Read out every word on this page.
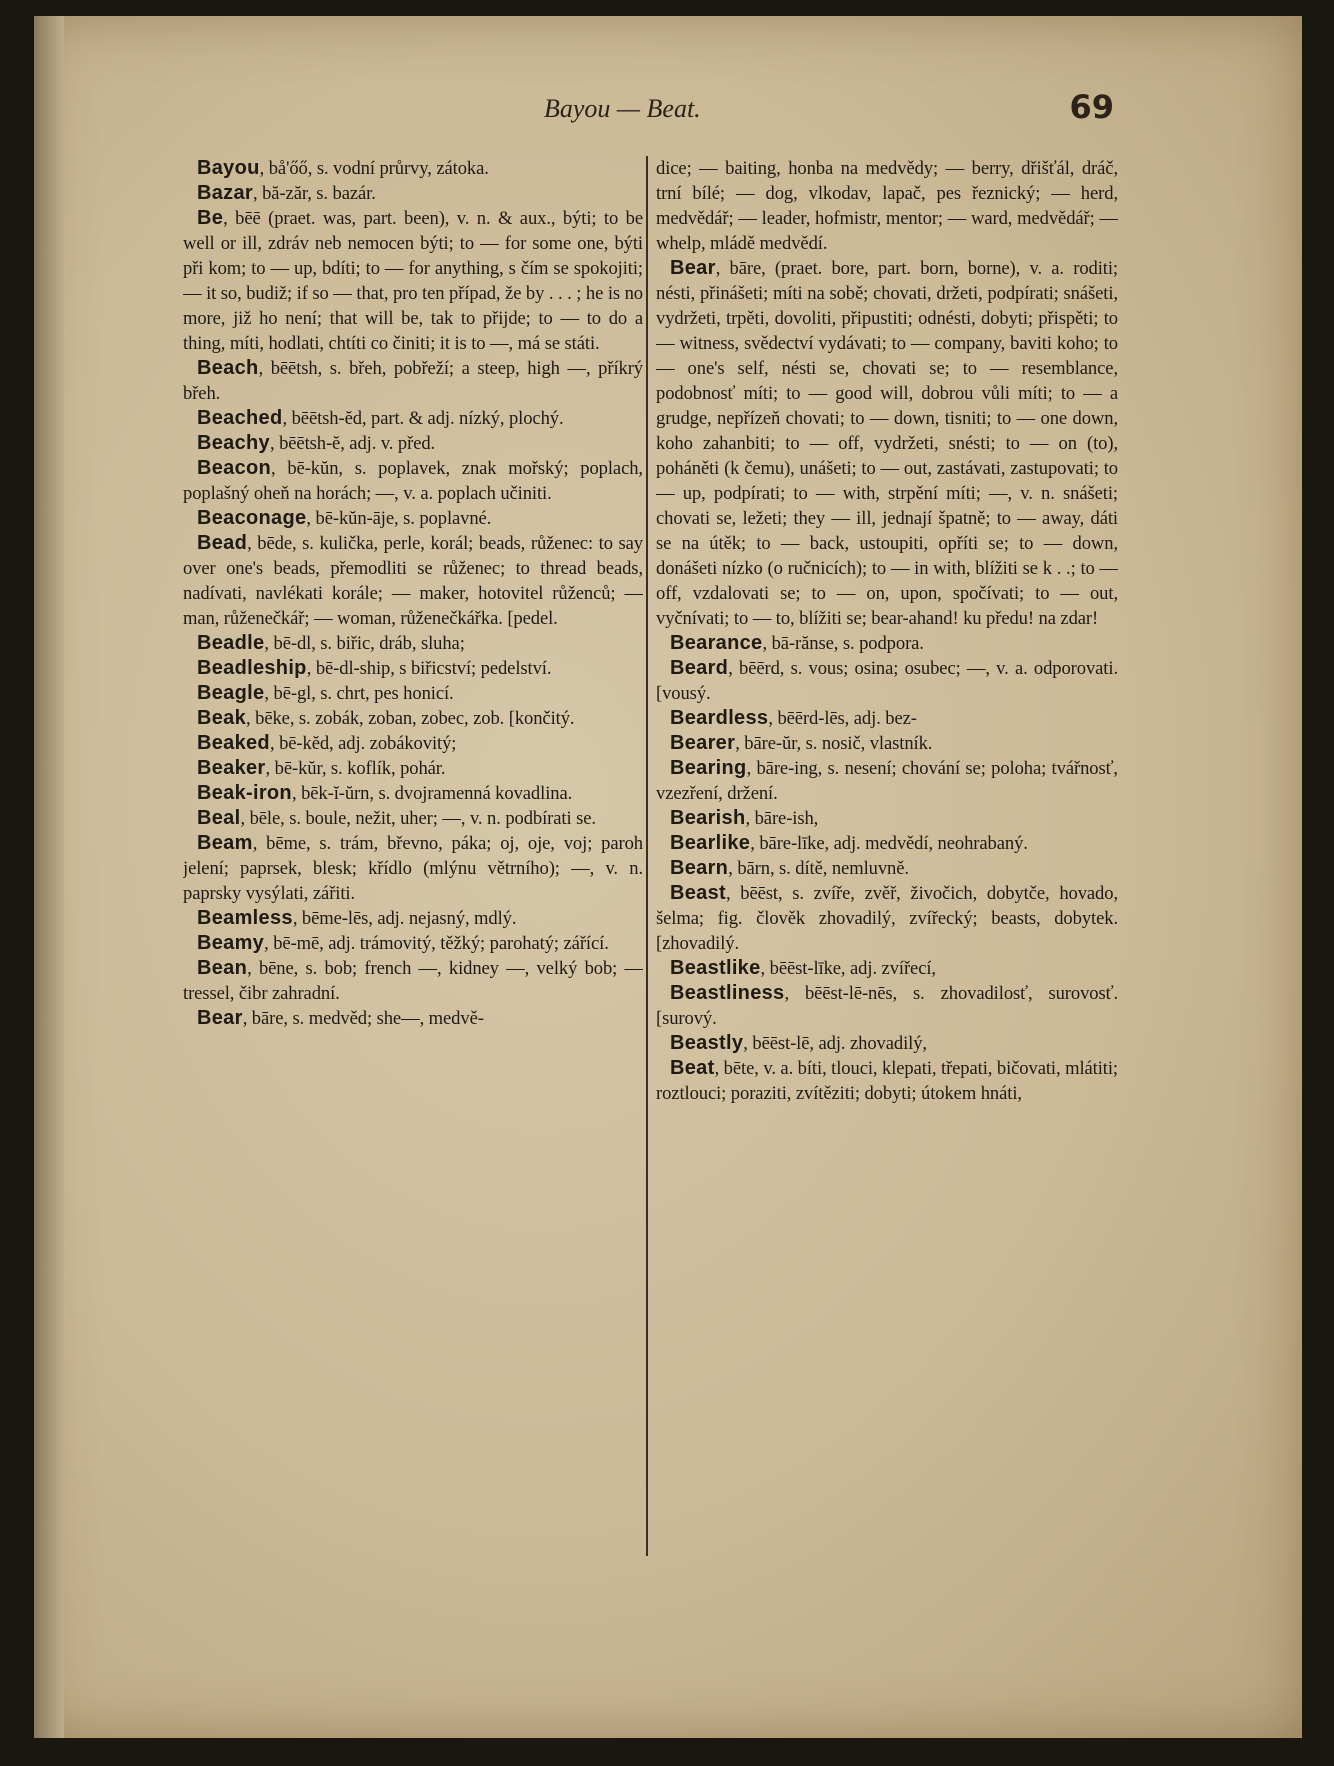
Bayou — Beat.	69

Bayou, bå'őő, s. vodní průrvy, zátoka.

Bazar, bă-zăr, s. bazár.

Be, bēē (praet. was, part. been), v. n. & aux., býti; to be well or ill, zdráv neb nemocen býti; to — for some one, býti při kom; to — up, bdíti; to — for anything, s čím se spokojiti; — it so, budiž; if so — that, pro ten případ, že by . . . ; he is no more, již ho není; that will be, tak to přijde; to — to do a thing, míti, hodlati, chtíti co činiti; it is to —, má se státi.

Beach, bēētsh, s. břeh, pobřeží; a steep, high —, příkrý břeh.

Beached, bēētsh-ĕd, part. & adj. nízký, plochý.

Beachy, bēētsh-ĕ, adj. v. před.

Beacon, bē-kŭn, s. poplavek, znak mořský; poplach, poplašný oheň na horách; —, v. a. poplach učiniti.

Beaconage, bē-kŭn-āje, s. poplavné.

Bead, bēde, s. kulička, perle, korál; beads, růženec: to say over one's beads, přemodliti se růženec; to thread beads, nadívati, navlékati korále; — maker, hotovitel růženců; — man, růženečkář; — woman, růženečkářka. [pedel.

Beadle, bē-dl, s. biřic, dráb, sluha;

Beadleship, bē-dl-ship, s biřicství; pedelství.

Beagle, bē-gl, s. chrt, pes honicí.

Beak, bēke, s. zobák, zoban, zobec, zob. [končitý.

Beaked, bē-kĕd, adj. zobákovitý;

Beaker, bē-kŭr, s. koflík, pohár.

Beak-iron, bēk-ĭ-ŭrn, s. dvojramenná kovadlina.

Beal, bēle, s. boule, nežit, uher; —, v. n. podbírati se.

Beam, bēme, s. trám, břevno, páka; oj, oje, voj; paroh jelení; paprsek, blesk; křídlo (mlýnu větrního); —, v. n. paprsky vysýlati, zářiti.

Beamless, bēme-lēs, adj. nejasný, mdlý.

Beamy, bē-mē, adj. trámovitý, těžký; parohatý; zářící.

Bean, bēne, s. bob; french —, kidney —, velký bob; — tressel, čibr zahradní.

Bear, bāre, s. medvěd; she—, medvě-

dice; — baiting, honba na medvědy; — berry, dřišťál, dráč, trní bílé; — dog, vlkodav, lapač, pes řeznický; — herd, medvědář; — leader, hofmistr, mentor; — ward, medvědář; — whelp, mládě medvědí.

Bear, bāre, (praet. bore, part. born, borne), v. a. roditi; nésti, přinášeti; míti na sobě; chovati, držeti, podpírati; snášeti, vydržeti, trpěti, dovoliti, připustiti; odnésti, dobyti; přispěti; to — witness, svědectví vydávati; to — company, baviti koho; to — one's self, nésti se, chovati se; to — resemblance, podobnosť míti; to — good will, dobrou vůli míti; to — a grudge, nepřízeň chovati; to — down, tisniti; to — one down, koho zahanbiti; to — off, vydržeti, snésti; to — on (to), poháněti (k čemu), unášeti; to — out, zastávati, zastupovati; to — up, podpírati; to — with, strpění míti; —, v. n. snášeti; chovati se, ležeti; they — ill, jednají špatně; to — away, dáti se na útěk; to — back, ustoupiti, opříti se; to — down, donášeti nízko (o ručnicích); to — in with, blížiti se k . .; to — off, vzdalovati se; to — on, upon, spočívati; to — out, vyčnívati; to — to, blížiti se; bear-ahand! ku předu! na zdar!

Bearance, bā-rănse, s. podpora.

Beard, bēērd, s. vous; osina; osubec; —, v. a. odporovati. [vousý.

Beardless, bēērd-lēs, adj. bez-

Bearer, bāre-ŭr, s. nosič, vlastník.

Bearing, bāre-ing, s. nesení; chování se; poloha; tvářnosť, vzezření, držení.

Bearish, bāre-ish,

Bearlike, bāre-līke, adj. medvědí, neohrabaný.

Bearn, bārn, s. dítě, nemluvně.

Beast, bēēst, s. zvíře, zvěř, živočich, dobytče, hovado, šelma; fig. člověk zhovadilý, zvířecký; beasts, dobytek. [zhovadilý.

Beastlike, bēēst-līke, adj. zvířecí,

Beastliness, bēēst-lē-nēs, s. zhovadilosť, surovosť. [surový.

Beastly, bēēst-lē, adj. zhovadilý,

Beat, bēte, v. a. bíti, tlouci, klepati, třepati, bičovati, mlátiti; roztlouci; poraziti, zvítěziti; dobyti; útokem hnáti,
